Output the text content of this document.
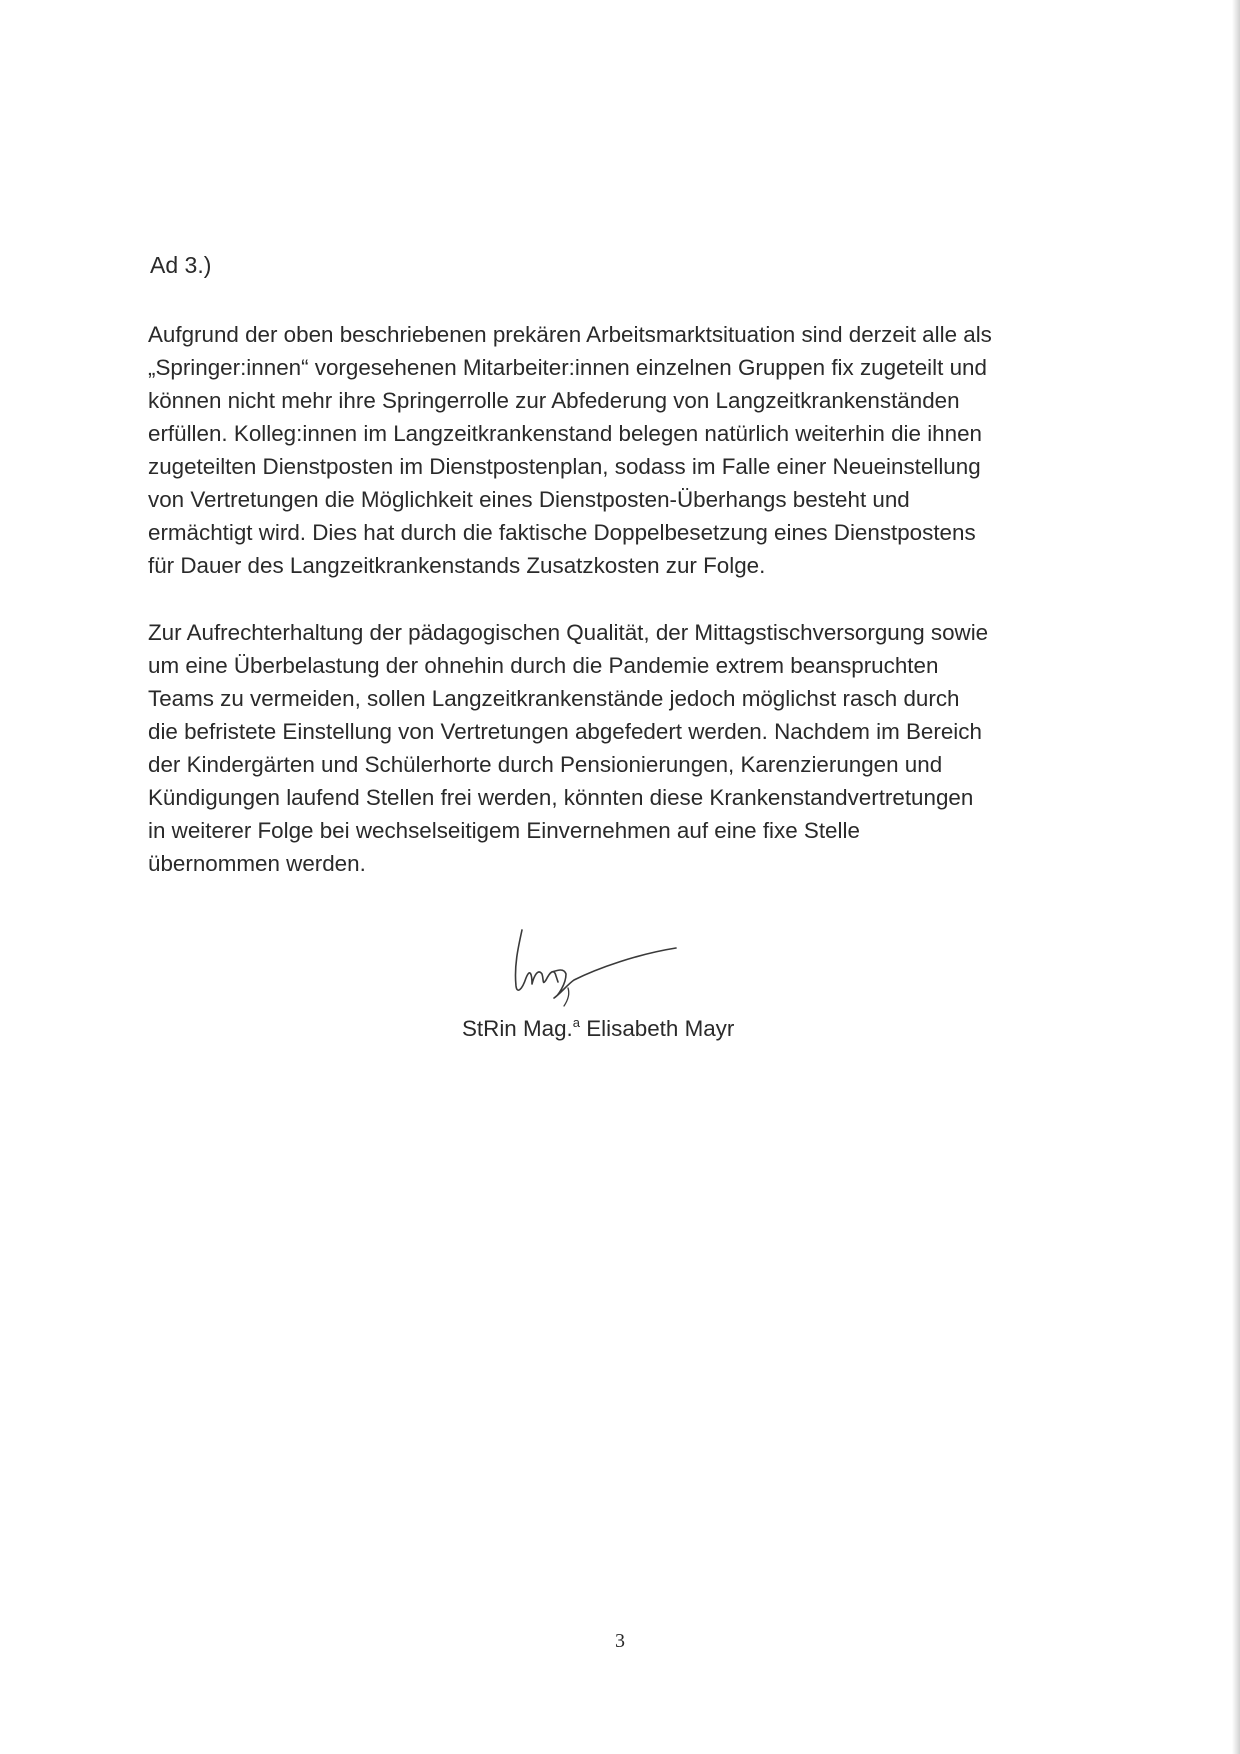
Ad 3.)
Aufgrund der oben beschriebenen prekären Arbeitsmarktsituation sind derzeit alle als
„Springer:innen“ vorgesehenen Mitarbeiter:innen einzelnen Gruppen fix zugeteilt und
können nicht mehr ihre Springerrolle zur Abfederung von Langzeitkrankenständen
erfüllen. Kolleg:innen im Langzeitkrankenstand belegen natürlich weiterhin die ihnen
zugeteilten Dienstposten im Dienstpostenplan, sodass im Falle einer Neueinstellung
von Vertretungen die Möglichkeit eines Dienstposten-Überhangs besteht und
ermächtigt wird. Dies hat durch die faktische Doppelbesetzung eines Dienstpostens
für Dauer des Langzeitkrankenstands Zusatzkosten zur Folge.
Zur Aufrechterhaltung der pädagogischen Qualität, der Mittagstischversorgung sowie
um eine Überbelastung der ohnehin durch die Pandemie extrem beanspruchten
Teams zu vermeiden, sollen Langzeitkrankenstände jedoch möglichst rasch durch
die befristete Einstellung von Vertretungen abgefedert werden. Nachdem im Bereich
der Kindergärten und Schülerhorte durch Pensionierungen, Karenzierungen und
Kündigungen laufend Stellen frei werden, könnten diese Krankenstandvertretungen
in weiterer Folge bei wechselseitigem Einvernehmen auf eine fixe Stelle
übernommen werden.
StRin Mag.$^a$ Elisabeth Mayr
3
